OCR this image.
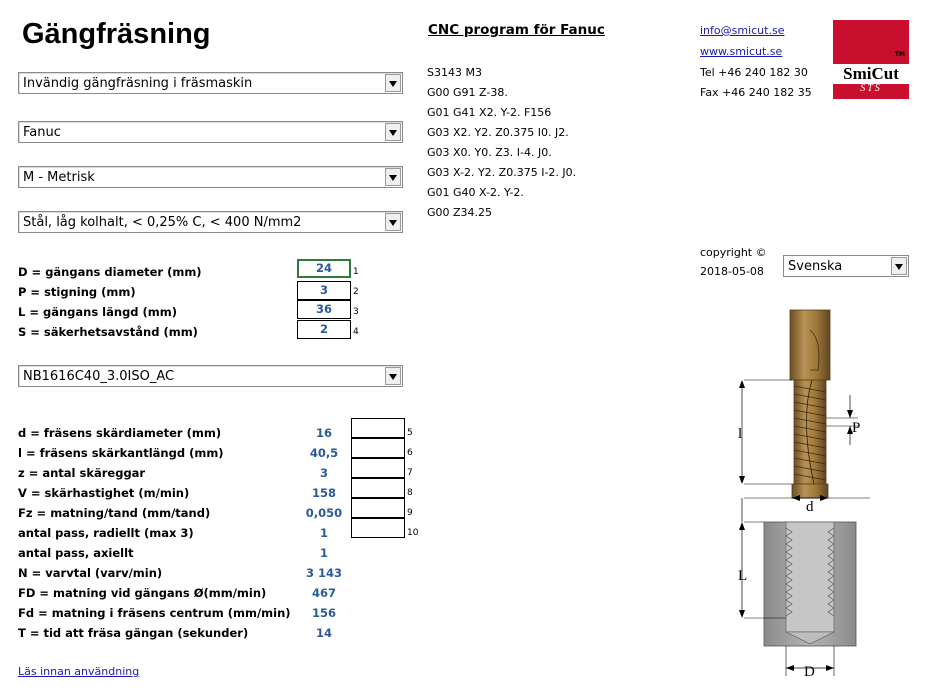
Gängfräsning
Invändig gängfräsning i fräsmaskin
Fanuc
M - Metrisk
Stål, låg kolhalt, < 0,25% C, < 400 N/mm2
D = gängans diameter (mm)	24	1
P = stigning (mm)	3	2
L = gängans längd (mm)	36	3
S = säkerhetsavstånd (mm)	2	4
NB1616C40_3.0ISO_AC
d = fräsens skärdiameter (mm)	16	5
l = fräsens skärkantlängd (mm)	40,5	6
z = antal skäreggar	3	7
V = skärhastighet (m/min)	158	8
Fz = matning/tand (mm/tand)	0,050	9
antal pass, radiellt (max 3)	1	10
antal pass, axiellt	1
N = varvtal (varv/min)	3 143
FD = matning vid gängans Ø(mm/min)	467
Fd = matning i fräsens centrum (mm/min)	156
T = tid att fräsa gängan (sekunder)	14
Läs innan användning
CNC program för Fanuc
S3143 M3
G00 G91 Z-38.
G01 G41 X2. Y-2. F156
G03 X2. Y2. Z0.375 I0. J2.
G03 X0. Y0. Z3. I-4. J0.
G03 X-2. Y2. Z0.375 I-2. J0.
G01 G40 X-2. Y-2.
G00 Z34.25
info@smicut.se
www.smicut.se
Tel +46 240 182 30
Fax +46 240 182 35
TM
SmiCut
STS
copyright ©
2018-05-08 Svenska
l	P
d
L
D
